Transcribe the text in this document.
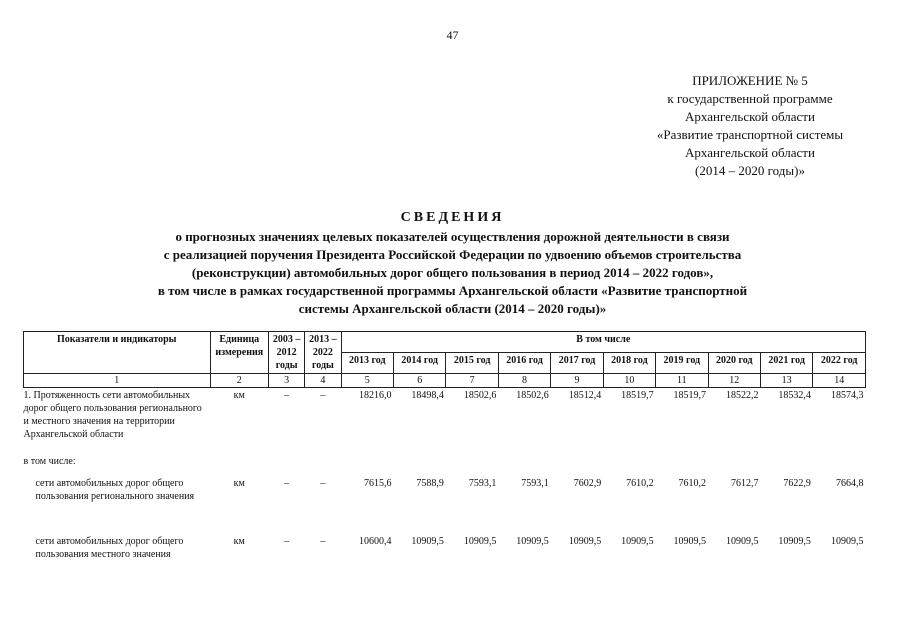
47
ПРИЛОЖЕНИЕ № 5
к государственной программе
Архангельской области
«Развитие транспортной системы
Архангельской области
(2014 – 2020 годы)»
СВЕДЕНИЯ
о прогнозных значениях целевых показателей осуществления дорожной деятельности в связи
с реализацией поручения Президента Российской Федерации по удвоению объемов строительства
(реконструкции) автомобильных дорог общего пользования в период 2014 – 2022 годов»,
в том числе в рамках государственной программы Архангельской области «Развитие транспортной
системы Архангельской области (2014 – 2020 годы)»
Показатели и индикаторы	Единица измерения	2003 – 2012 годы	2013 – 2022 годы	В том числе									
				2013 год	2014 год	2015 год	2016 год	2017 год	2018 год	2019 год	2020 год	2021 год	2022 год
1	2	3	4	5	6	7	8	9	10	11	12	13	14
1. Протяженность сети автомобильных дорог общего пользования регионального и местного значения на территории Архангельской области	км	–	–	18216,0	18498,4	18502,6	18502,6	18512,4	18519,7	18519,7	18522,2	18532,4	18574,3
в том числе:													
сети автомобильных дорог общего пользования регионального значения	км	–	–	7615,6	7588,9	7593,1	7593,1	7602,9	7610,2	7610,2	7612,7	7622,9	7664,8
сети автомобильных дорог общего пользования местного значения	км	–	–	10600,4	10909,5	10909,5	10909,5	10909,5	10909,5	10909,5	10909,5	10909,5	10909,5
